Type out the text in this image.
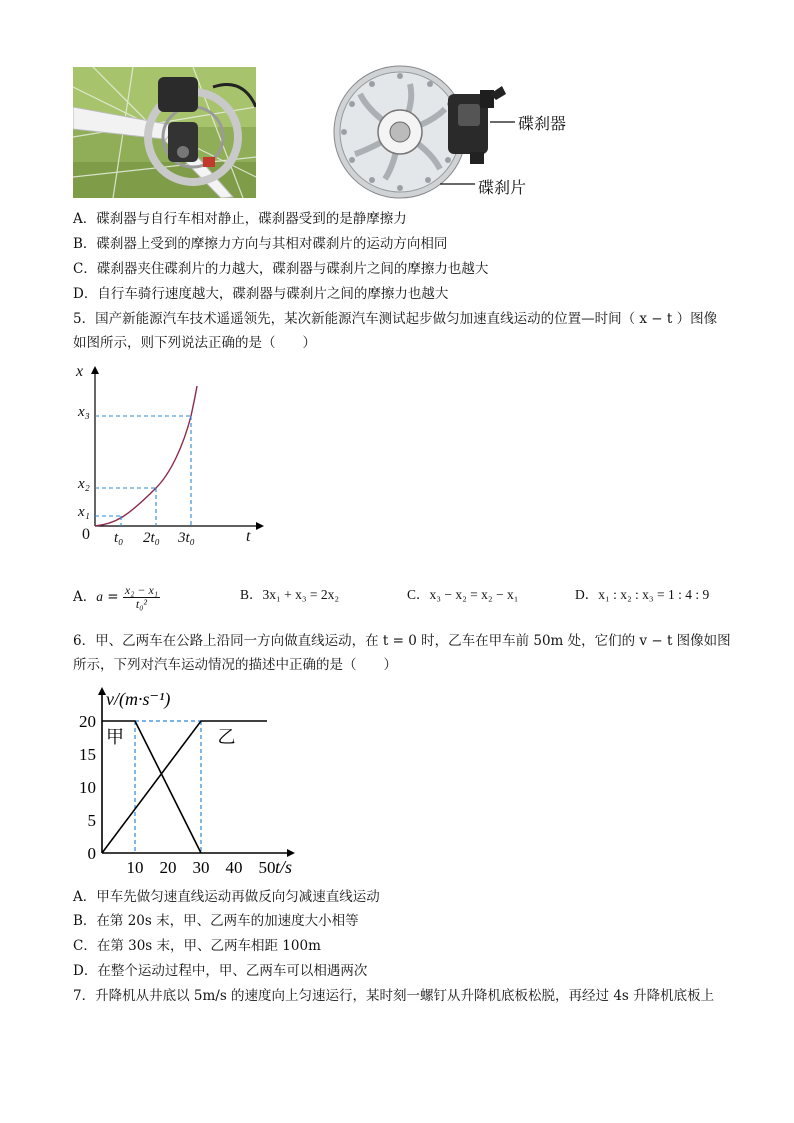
碟刹器
碟刹片
A．碟刹器与自行车相对静止，碟刹器受到的是静摩擦力
B．碟刹器上受到的摩擦力方向与其相对碟刹片的运动方向相同
C．碟刹器夹住碟刹片的力越大，碟刹器与碟刹片之间的摩擦力也越大
D．自行车骑行速度越大，碟刹器与碟刹片之间的摩擦力也越大
5．国产新能源汽车技术遥遥领先，某次新能源汽车测试起步做匀加速直线运动的位置—时间（ x − t ）图像
如图所示，则下列说法正确的是（　　）
x
t
0
x₁
x₂
x₃
t₀ 2t₀ 3t₀
A．$a = \frac{\text{x₂ − x₁}}{\text{t₀²}}$	B．3x₁ + x₃ = 2x₂	C．x₃ − x₂ = x₂ − x₁	D．x₁ : x₂ : x₃ = 1 : 4 : 9
6．甲、乙两车在公路上沿同一方向做直线运动，在 t = 0 时，乙车在甲车前 50m 处，它们的 v − t 图像如图
所示，下列对汽车运动情况的描述中正确的是（　　）
0
5
10
15
20
10 20 30 40 50
v/(m·s⁻¹)
t/s
甲	乙
A．甲车先做匀速直线运动再做反向匀减速直线运动
B．在第 20s 末，甲、乙两车的加速度大小相等
C．在第 30s 末，甲、乙两车相距 100m
D．在整个运动过程中，甲、乙两车可以相遇两次
7．升降机从井底以 5m/s 的速度向上匀速运行，某时刻一螺钉从升降机底板松脱，再经过 4s 升降机底板上
